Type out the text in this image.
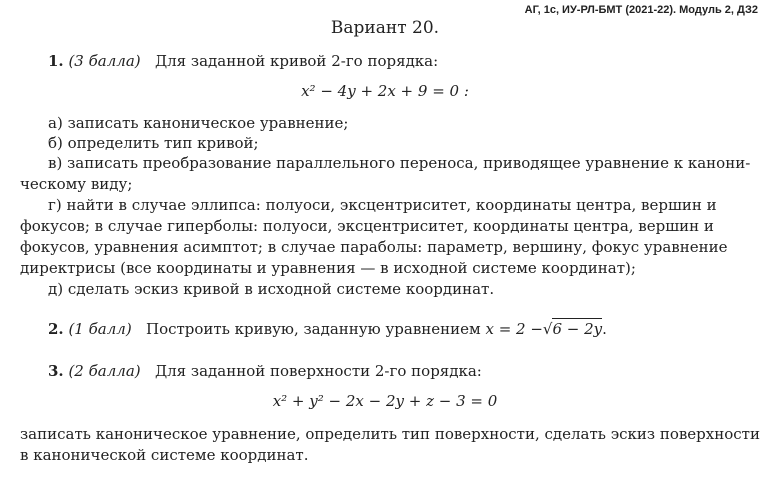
АГ, 1с, ИУ-РЛ-БМТ (2021-22). Модуль 2, ДЗ2
Вариант 20.
1. (3 балла) Для заданной кривой 2-го порядка:
x² − 4y + 2x + 9 = 0 :
а) записать каноническое уравнение;
б) определить тип кривой;
в) записать преобразование параллельного переноса, приводящее уравнение к канони-
ческому виду;
г) найти в случае эллипса: полуоси, эксцентриситет, координаты центра, вершин и
фокусов; в случае гиперболы: полуоси, эксцентриситет, координаты центра, вершин и
фокусов, уравнения асимптот; в случае параболы: параметр, вершину, фокус уравнение
директрисы (все координаты и уравнения — в исходной системе координат);
д) сделать эскиз кривой в исходной системе координат.
2. (1 балл) Построить кривую, заданную уравнением x = 2 −√6 − 2y.
3. (2 балла) Для заданной поверхности 2-го порядка:
x² + y² − 2x − 2y + z − 3 = 0
записать каноническое уравнение, определить тип поверхности, сделать эскиз поверхности
в канонической системе координат.
